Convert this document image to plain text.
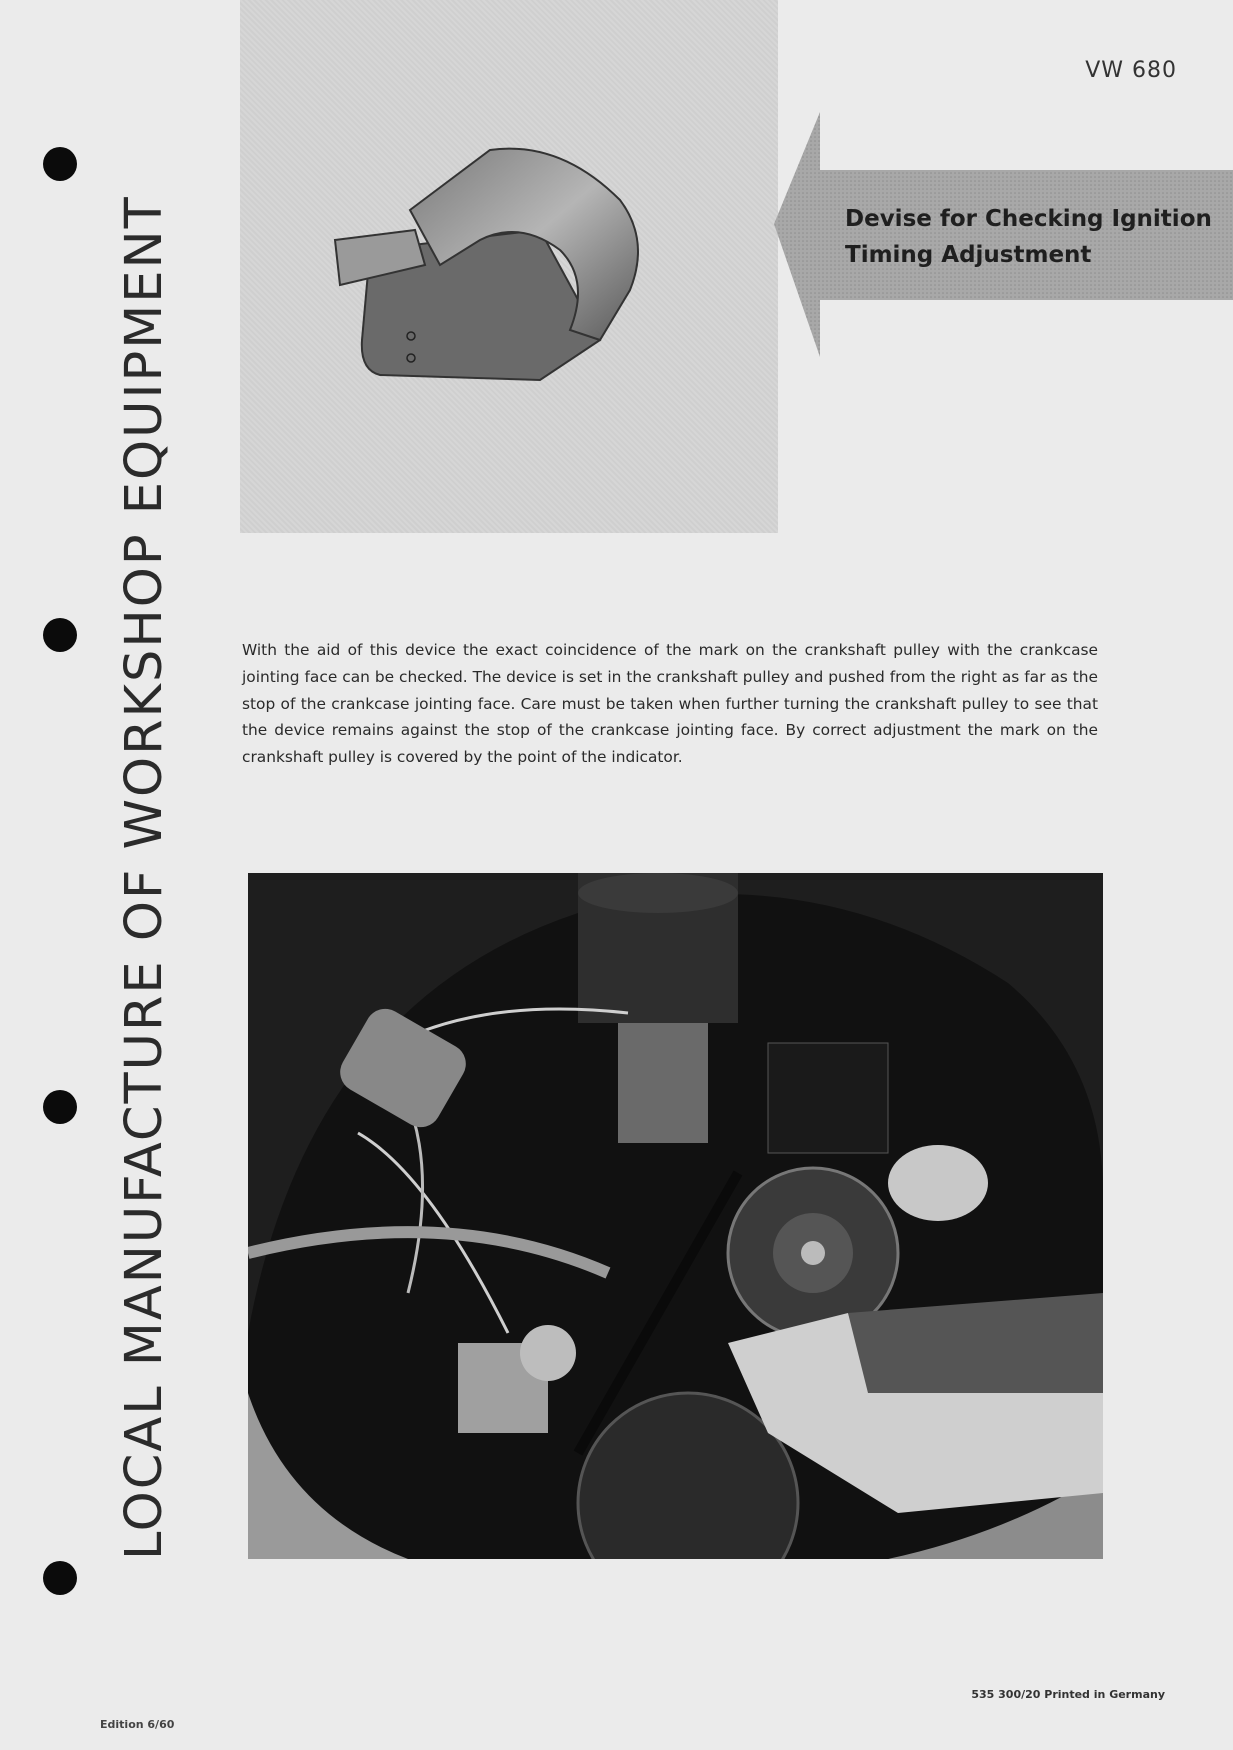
LOCAL MANUFACTURE OF WORKSHOP EQUIPMENT
VW 680
Devise for Checking Ignition Timing Adjustment
With the aid of this device the exact coincidence of the mark on the crankshaft pulley with the crankcase jointing face can be checked. The device is set in the crankshaft pulley and pushed from the right as far as the stop of the crankcase jointing face. Care must be taken when further turning the crankshaft pulley to see that the device remains against the stop of the crankcase jointing face. By correct adjustment the mark on the crankshaft pulley is covered by the point of the indicator.
Edition 6/60
535 300/20 Printed in Germany
